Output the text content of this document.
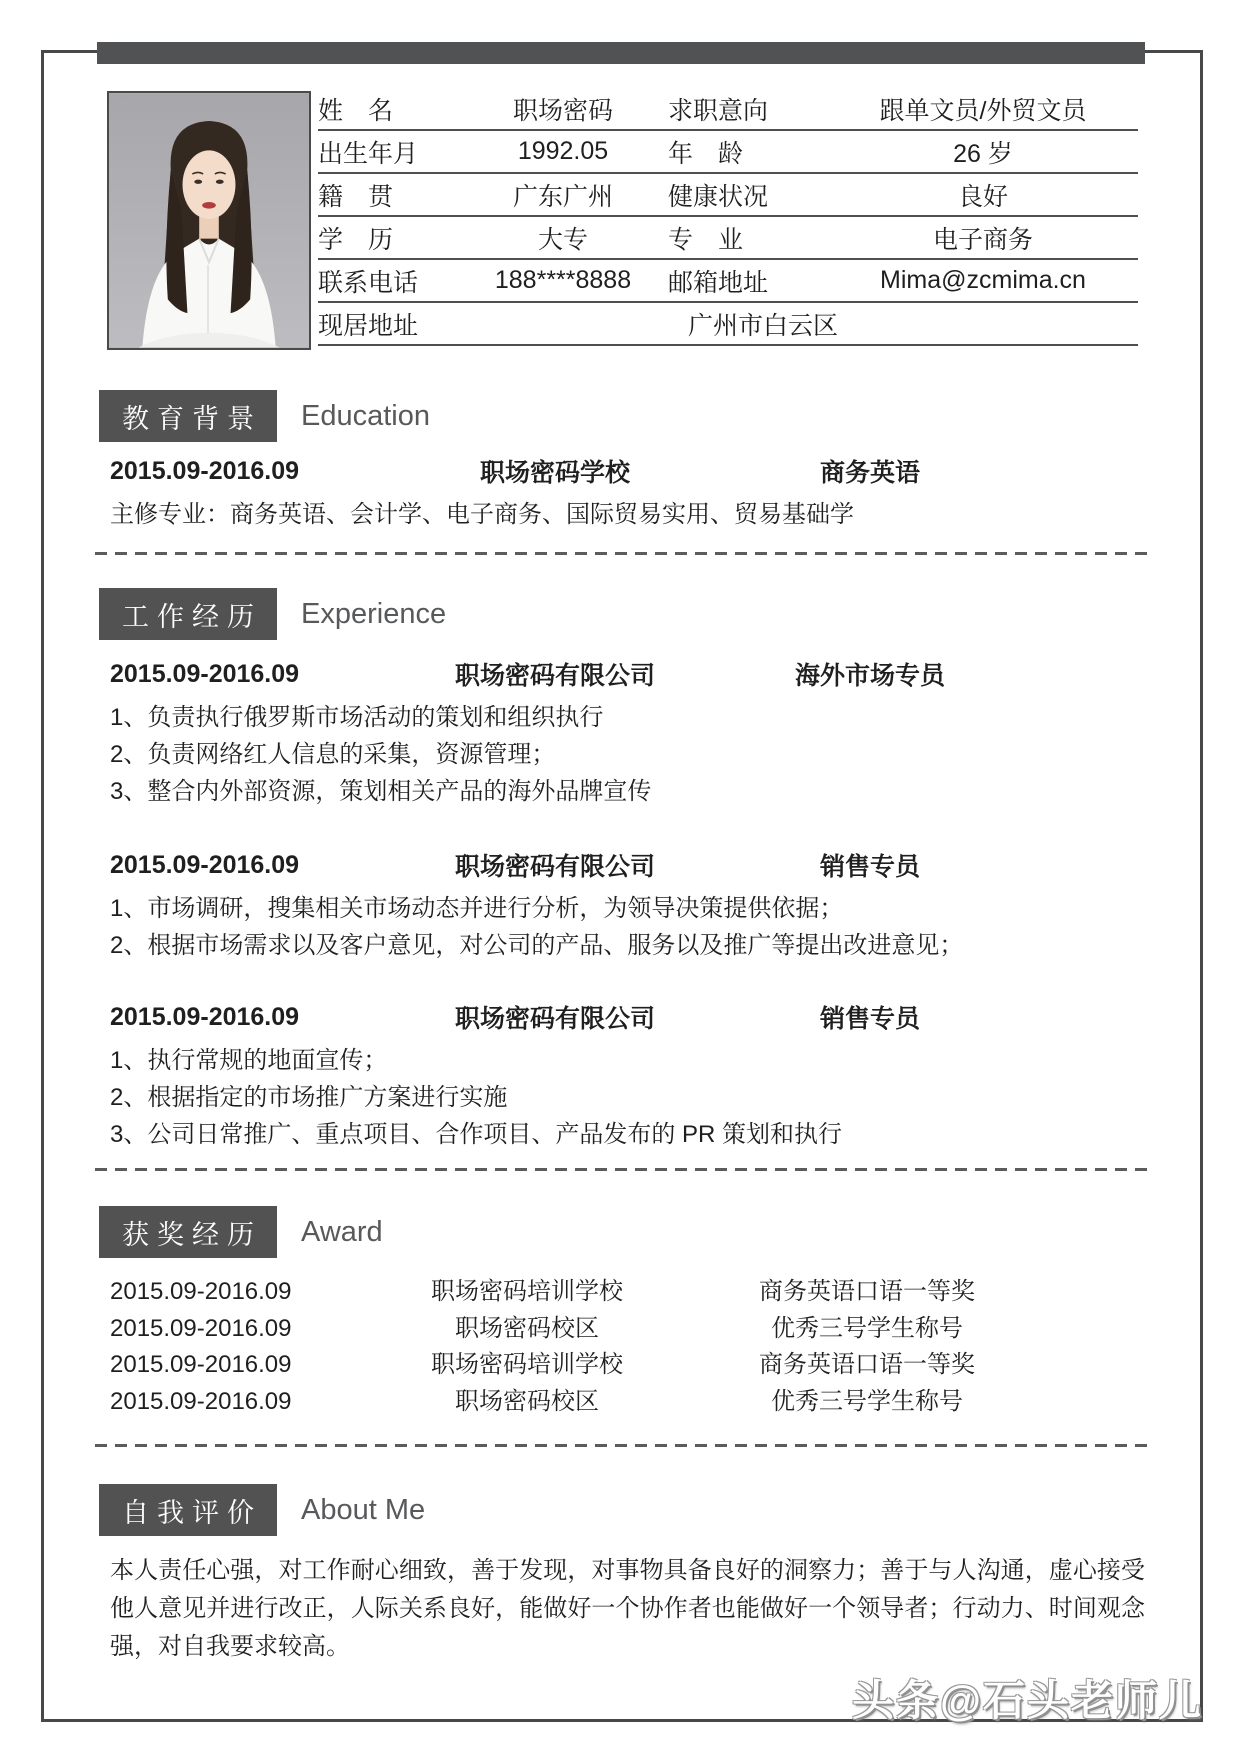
姓　名	职场密码	求职意向	跟单文员/外贸文员
出生年月	1992.05	年　龄	26 岁
籍　贯	广东广州	健康状况	良好
学　历	大专	专　业	电子商务
联系电话	188****8888	邮箱地址	Mima@zcmima.cn
现居地址	广州市白云区
教育背景	Education
2015.09-2016.09	职场密码学校	商务英语
主修专业：商务英语、会计学、电子商务、国际贸易实用、贸易基础学
工作经历	Experience
2015.09-2016.09	职场密码有限公司	海外市场专员
1、负责执行俄罗斯市场活动的策划和组织执行
2、负责网络红人信息的采集，资源管理；
3、整合内外部资源，策划相关产品的海外品牌宣传
2015.09-2016.09	职场密码有限公司	销售专员
1、市场调研，搜集相关市场动态并进行分析，为领导决策提供依据；
2、根据市场需求以及客户意见，对公司的产品、服务以及推广等提出改进意见；
2015.09-2016.09	职场密码有限公司	销售专员
1、执行常规的地面宣传；
2、根据指定的市场推广方案进行实施
3、公司日常推广、重点项目、合作项目、产品发布的 PR 策划和执行
获奖经历	Award
2015.09-2016.09	职场密码培训学校	商务英语口语一等奖
2015.09-2016.09	职场密码校区	优秀三号学生称号
2015.09-2016.09	职场密码培训学校	商务英语口语一等奖
2015.09-2016.09	职场密码校区	优秀三号学生称号
自我评价	About Me
本人责任心强，对工作耐心细致，善于发现，对事物具备良好的洞察力；善于与人沟通，虚心接受他人意见并进行改正，人际关系良好，能做好一个协作者也能做好一个领导者；行动力、时间观念强，对自我要求较高。
头条@石头老师儿
